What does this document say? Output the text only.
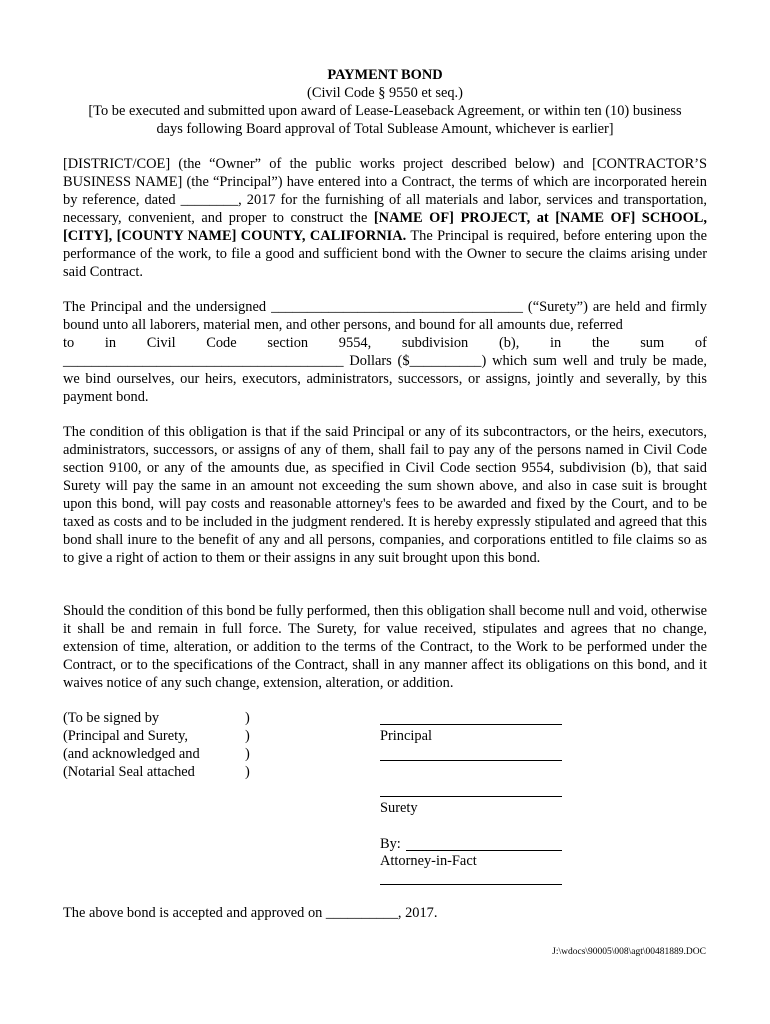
PAYMENT BOND
(Civil Code § 9550 et seq.)
[To be executed and submitted upon award of Lease-Leaseback Agreement, or within ten (10) business
days following Board approval of Total Sublease Amount, whichever is earlier]

[DISTRICT/COE] (the “Owner” of the public works project described below) and [CONTRACTOR’S BUSINESS NAME] (the “Principal”) have entered into a Contract, the terms of which are incorporated herein by reference, dated ________, 2017 for the furnishing of all materials and labor, services and transportation, necessary, convenient, and proper to construct the [NAME OF] PROJECT, at [NAME OF] SCHOOL, [CITY], [COUNTY NAME] COUNTY, CALIFORNIA. The Principal is required, before entering upon the performance of the work, to file a good and sufficient bond with the Owner to secure the claims arising under said Contract.

The Principal and the undersigned ___________________________________ (“Surety”) are held and firmly bound unto all laborers, material men, and other persons, and bound for all amounts due, referred

to in Civil Code section 9554, subdivision (b), in the sum of

_______________________________________ Dollars ($__________) which sum well and truly be made, we bind ourselves, our heirs, executors, administrators, successors, or assigns, jointly and severally, by this payment bond.

The condition of this obligation is that if the said Principal or any of its subcontractors, or the heirs, executors, administrators, successors, or assigns of any of them, shall fail to pay any of the persons named in Civil Code section 9100, or any of the amounts due, as specified in Civil Code section 9554, subdivision (b), that said Surety will pay the same in an amount not exceeding the sum shown above, and also in case suit is brought upon this bond, will pay costs and reasonable attorney's fees to be awarded and fixed by the Court, and to be taxed as costs and to be included in the judgment rendered. It is hereby expressly stipulated and agreed that this bond shall inure to the benefit of any and all persons, companies, and corporations entitled to file claims so as to give a right of action to them or their assigns in any suit brought upon this bond.

Should the condition of this bond be fully performed, then this obligation shall become null and void, otherwise it shall be and remain in full force. The Surety, for value received, stipulates and agrees that no change, extension of time, alteration, or addition to the terms of the Contract, to the Work to be performed under the Contract, or to the specifications of the Contract, shall in any manner affect its obligations on this bond, and it waives notice of any such change, extension, alteration, or addition.

(To be signed by	)
(Principal and Surety,	)
(and acknowledged and	)
(Notarial Seal attached	)
Principal
Surety
By:
Attorney-in-Fact
The above bond is accepted and approved on __________, 2017.
J:\wdocs\90005\008\agt\00481889.DOC
